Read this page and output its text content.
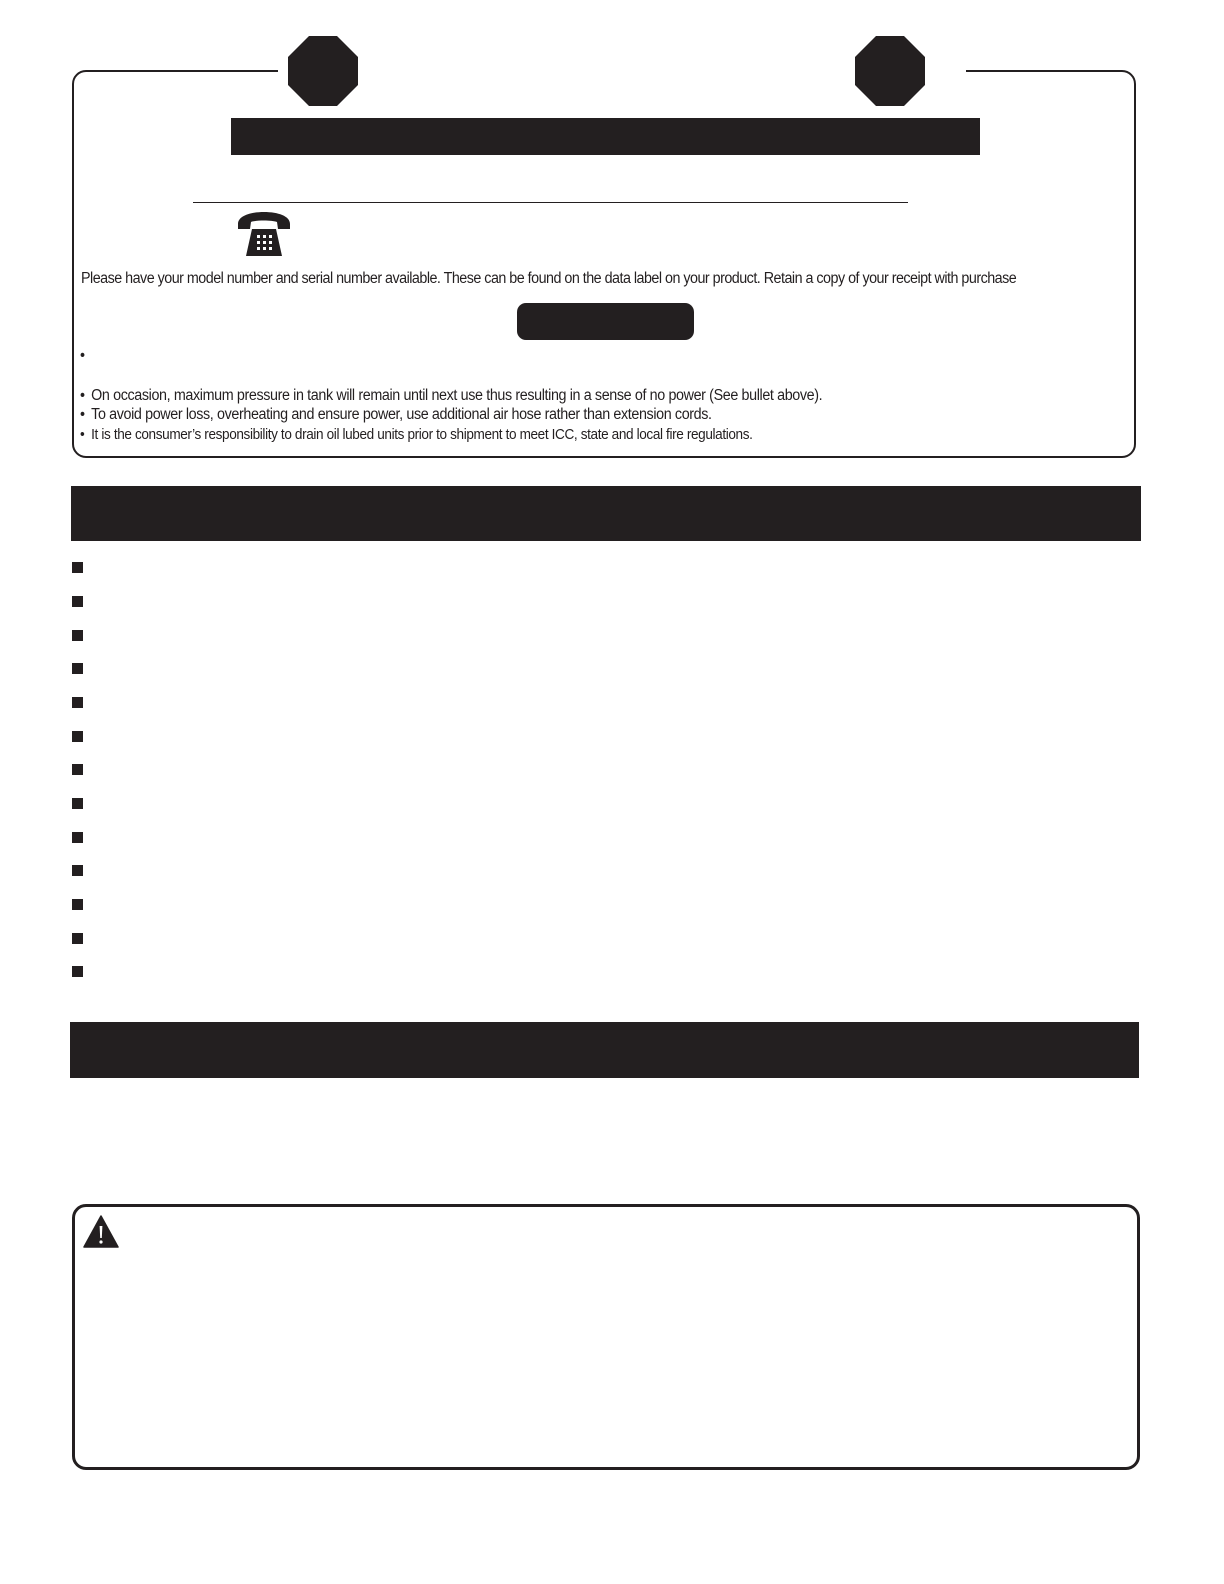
Please have your model number and serial number available. These can be found on the data label on your product. Retain a copy of your receipt with purchase
•
• On occasion, maximum pressure in tank will remain until next use thus resulting in a sense of no power (See bullet above).
• To avoid power loss, overheating and ensure power, use additional air hose rather than extension cords.
• It is the consumer’s responsibility to drain oil lubed units prior to shipment to meet ICC, state and local fire regulations.
